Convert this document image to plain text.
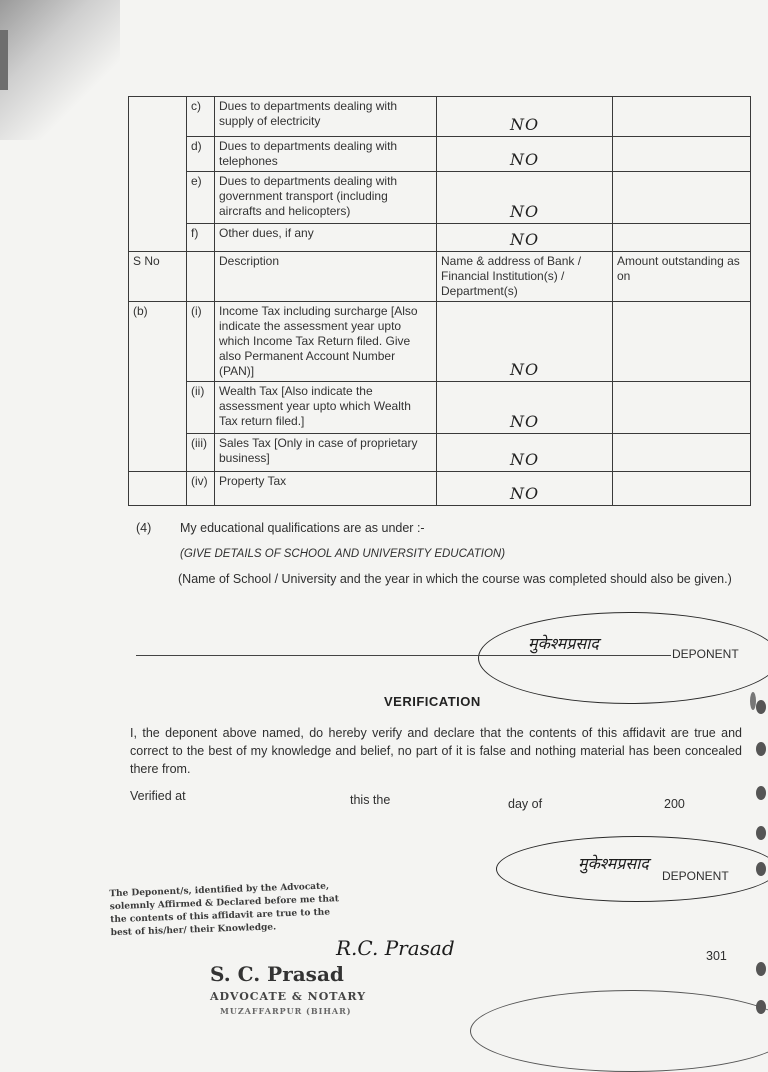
	c)	Dues to departments dealing with supply of electricity	NO	
	d)	Dues to departments dealing with telephones	NO	
	e)	Dues to departments dealing with government transport (including aircrafts and helicopters)	NO	
	f)	Other dues, if any	NO	
S No		Description	Name & address of Bank / Financial Institution(s) / Department(s)	Amount outstanding as on
(b)	(i)	Income Tax including surcharge [Also indicate the assessment year upto which Income Tax Return filed. Give also Permanent Account Number (PAN)]	NO	
	(ii)	Wealth Tax [Also indicate the assessment year upto which Wealth Tax return filed.]	NO	
	(iii)	Sales Tax [Only in case of proprietary business]	NO	
	(iv)	Property Tax	NO	
(4) My educational qualifications are as under :-
(GIVE DETAILS OF SCHOOL AND UNIVERSITY EDUCATION)
(Name of School / University and the year in which the course was completed should also be given.)
मुकेश्मप्रसाद
DEPONENT
VERIFICATION
I, the deponent above named, do hereby verify and declare that the contents of this affidavit are true and correct to the best of my knowledge and belief, no part of it is false and nothing material has been concealed there from.
Verified at	this the	day of	200
मुकेश्मप्रसाद
DEPONENT
The Deponent/s, identified by the Advocate, solemnly Affirmed & Declared before me that the contents of this affidavit are true to the best of his/her/ their Knowledge.
R.C. Prasad
S. C. Prasad
ADVOCATE & NOTARY
MUZAFFARPUR (BIHAR)
301
